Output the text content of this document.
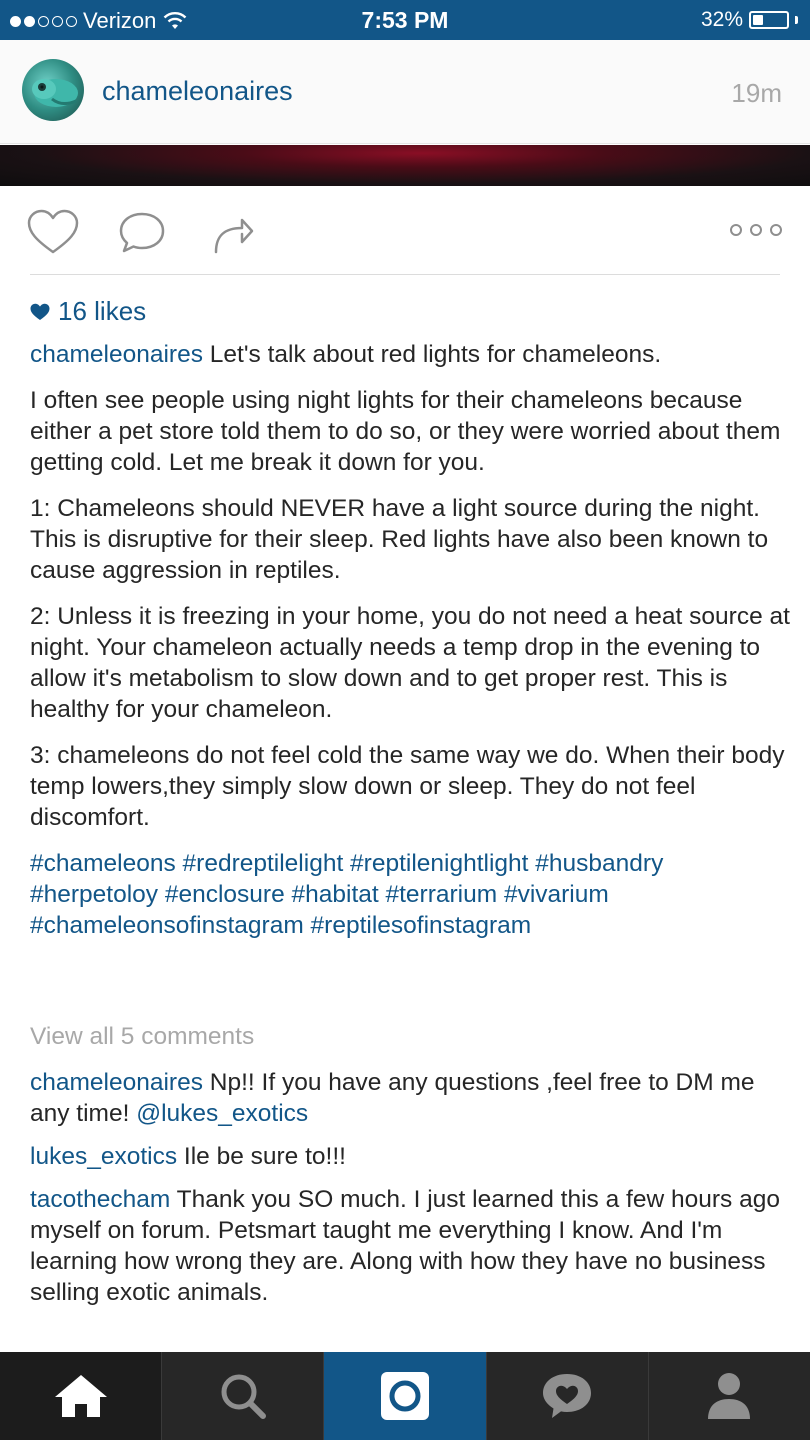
Verizon	7:53 PM	32%
chameleonaires	19m
16 likes

chameleonaires Let's talk about red lights for chameleons.

I often see people using night lights for their chameleons because either a pet store told them to do so, or they were worried about them getting cold. Let me break it down for you.

1: Chameleons should NEVER have a light source during the night. This is disruptive for their sleep. Red lights have also been known to cause aggression in reptiles.

2: Unless it is freezing in your home, you do not need a heat source at night. Your chameleon actually needs a temp drop in the evening to allow it's metabolism to slow down and to get proper rest. This is healthy for your chameleon.

3: chameleons do not feel cold the same way we do. When their body temp lowers,they simply slow down or sleep. They do not feel discomfort.

#chameleons #redreptilelight #reptilenightlight #husbandry #herpetoloy #enclosure #habitat #terrarium #vivarium #chameleonsofinstagram #reptilesofinstagram

View all 5 comments
chameleonaires Np!! If you have any questions ,feel free to DM me any time! @lukes_exotics
lukes_exotics Ile be sure to!!!
tacothecham Thank you SO much. I just learned this a few hours ago myself on forum. Petsmart taught me everything I know. And I'm learning how wrong they are. Along with how they have no business selling exotic animals.
